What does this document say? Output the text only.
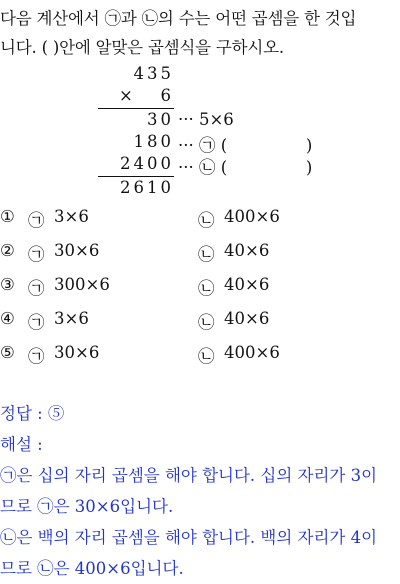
다음 계산에서 ㉠과 ㉡의 수는 어떤 곱셈을 한 것입
니다. ( )안에 알맞은 곱셈식을 구하시오.
435
×   6
30 ··· 5×6
180 ··· ㉠ (               )
2400 ··· ㉡ (               )
2610
① ㉠ 3×6	㉡ 400×6
② ㉠ 30×6	㉡ 40×6
③ ㉠ 300×6	㉡ 40×6
④ ㉠ 3×6	㉡ 40×6
⑤ ㉠ 30×6	㉡ 400×6
정답 : ⑤
해설 :
㉠은 십의 자리 곱셈을 해야 합니다. 십의 자리가 3이
므로 ㉠은 30×6입니다.
㉡은 백의 자리 곱셈을 해야 합니다. 백의 자리가 4이
므로 ㉡은 400×6입니다.
